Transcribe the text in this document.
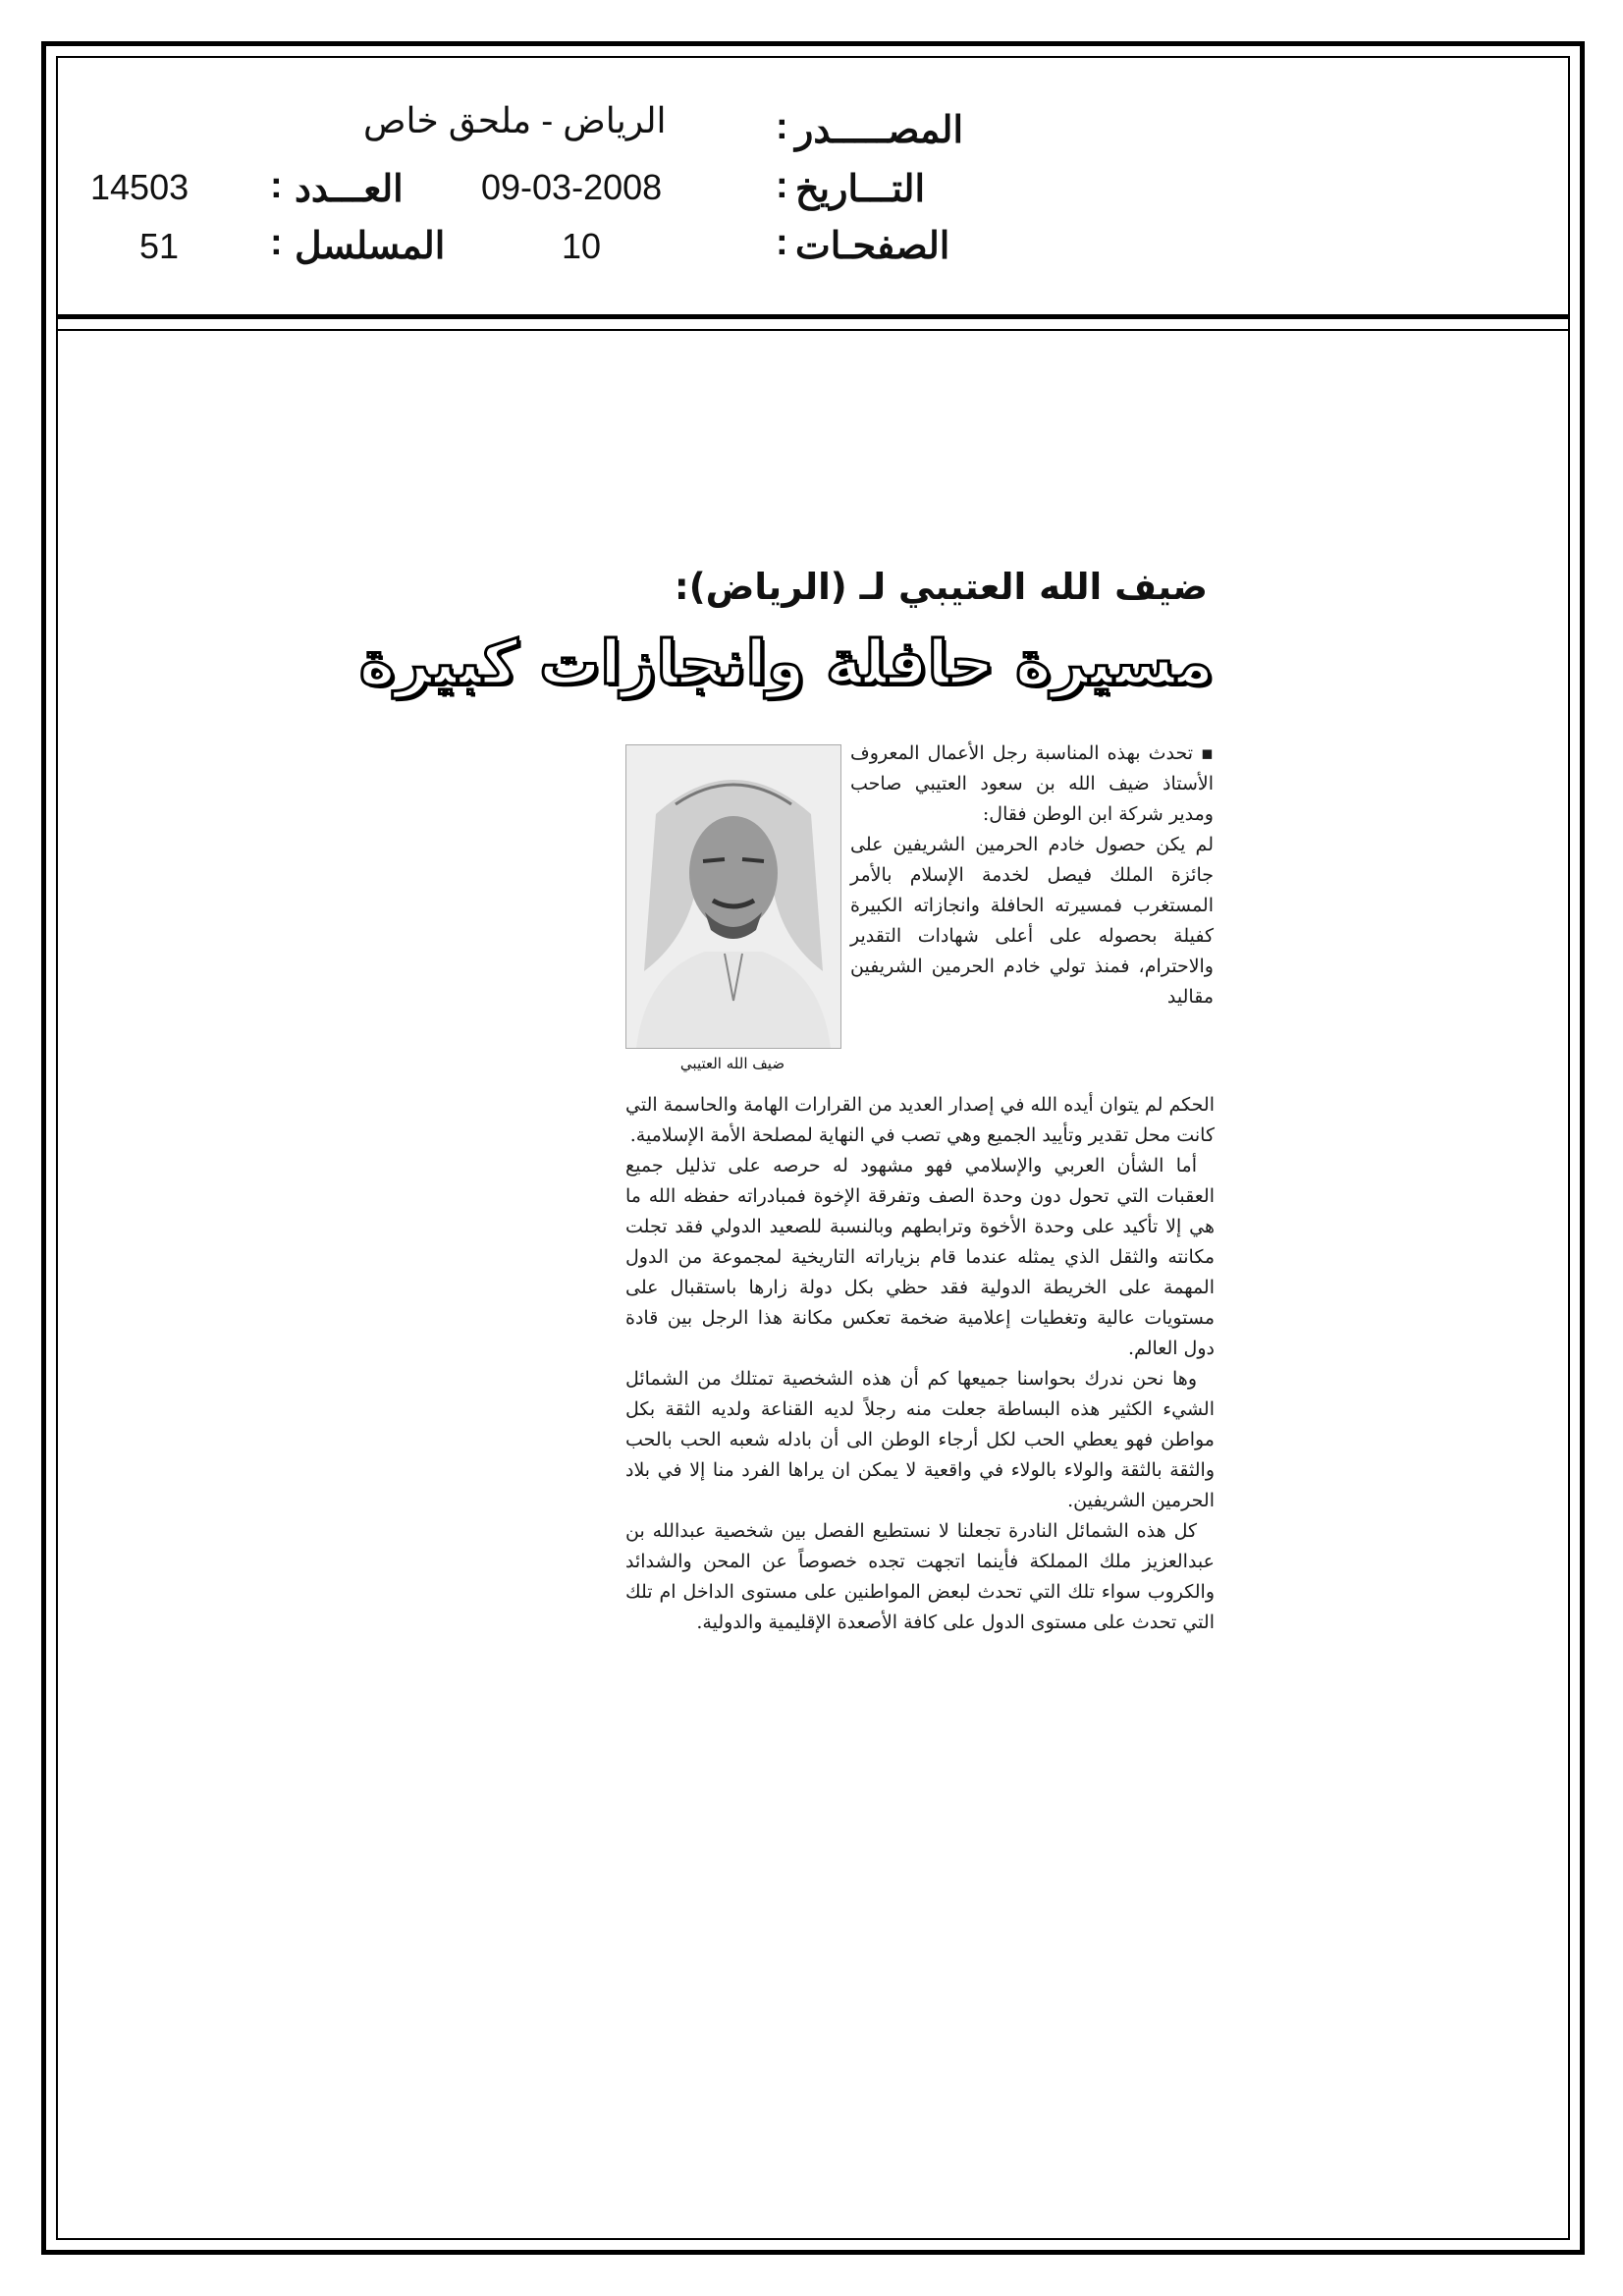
المصـــــدر
:
الرياض - ملحق خاص
التـــاريخ
:
09-03-2008
العـــدد
:
14503
الصفحـات
:
10
المسلسل
:
51
ضيف الله العتيبي لـ (الرياض):
مسيرة حافلة وانجازات كبيرة
ضيف الله العتيبي

▪ تحدث بهذه المناسبة رجل الأعمال المعروف الأستاذ ضيف الله بن سعود العتيبي صاحب ومدير شركة ابن الوطن فقال:

لم يكن حصول خادم الحرمين الشريفين على جائزة الملك فيصل لخدمة الإسلام بالأمر المستغرب فمسيرته الحافلة وانجازاته الكبيرة كفيلة بحصوله على أعلى شهادات التقدير والاحترام، فمنذ تولي خادم الحرمين الشريفين مقاليد

الحكم لم يتوان أيده الله في إصدار العديد من القرارات الهامة والحاسمة التي كانت محل تقدير وتأييد الجميع وهي تصب في النهاية لمصلحة الأمة الإسلامية.

أما الشأن العربي والإسلامي فهو مشهود له حرصه على تذليل جميع العقبات التي تحول دون وحدة الصف وتفرقة الإخوة فمبادراته حفظه الله ما هي إلا تأكيد على وحدة الأخوة وترابطهم وبالنسبة للصعيد الدولي فقد تجلت مكانته والثقل الذي يمثله عندما قام بزياراته التاريخية لمجموعة من الدول المهمة على الخريطة الدولية فقد حظي بكل دولة زارها باستقبال على مستويات عالية وتغطيات إعلامية ضخمة تعكس مكانة هذا الرجل بين قادة دول العالم.

وها نحن ندرك بحواسنا جميعها كم أن هذه الشخصية تمتلك من الشمائل الشيء الكثير هذه البساطة جعلت منه رجلاً لديه القناعة ولديه الثقة بكل مواطن فهو يعطي الحب لكل أرجاء الوطن الى أن بادله شعبه الحب بالحب والثقة بالثقة والولاء بالولاء في واقعية لا يمكن ان يراها الفرد منا إلا في بلاد الحرمين الشريفين.

كل هذه الشمائل النادرة تجعلنا لا نستطيع الفصل بين شخصية عبدالله بن عبدالعزيز ملك المملكة فأينما اتجهت تجده خصوصاً عن المحن والشدائد والكروب سواء تلك التي تحدث لبعض المواطنين على مستوى الداخل ام تلك التي تحدث على مستوى الدول على كافة الأصعدة الإقليمية والدولية.
